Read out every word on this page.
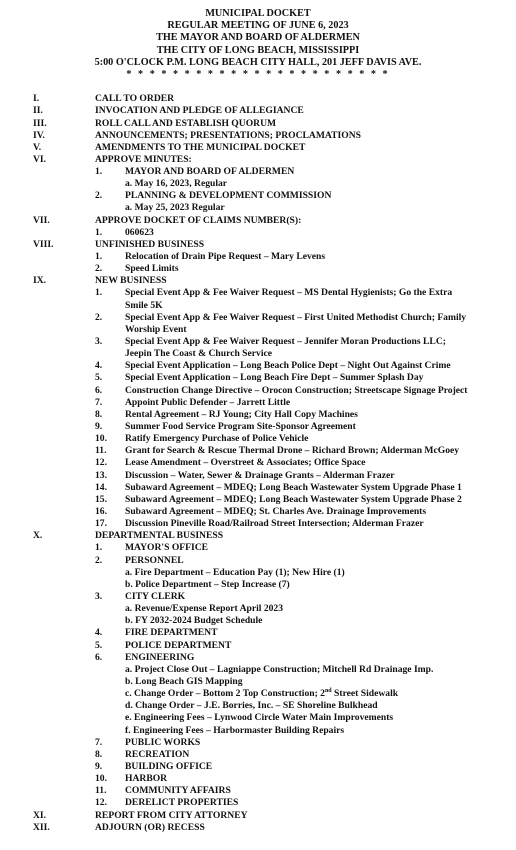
MUNICIPAL DOCKET
REGULAR MEETING OF JUNE 6, 2023
THE MAYOR AND BOARD OF ALDERMEN
THE CITY OF LONG BEACH, MISSISSIPPI
5:00 O'CLOCK P.M. LONG BEACH CITY HALL, 201 JEFF DAVIS AVE.
* * * * * * * * * * * * * * * * * * * * * * *
I.	CALL TO ORDER
II.	INVOCATION AND PLEDGE OF ALLEGIANCE
III.	ROLL CALL AND ESTABLISH QUORUM
IV.	ANNOUNCEMENTS; PRESENTATIONS; PROCLAMATIONS
V.	AMENDMENTS TO THE MUNICIPAL DOCKET
VI.	APPROVE MINUTES:
1. MAYOR AND BOARD OF ALDERMEN
a. May 16, 2023, Regular
2. PLANNING & DEVELOPMENT COMMISSION
a. May 25, 2023 Regular
VII.	APPROVE DOCKET OF CLAIMS NUMBER(S):
1. 060623
VIII.	UNFINISHED BUSINESS
1. Relocation of Drain Pipe Request – Mary Levens
2. Speed Limits
IX.	NEW BUSINESS
1. Special Event App & Fee Waiver Request – MS Dental Hygienists; Go the Extra
Smile 5K
2. Special Event App & Fee Waiver Request – First United Methodist Church; Family
Worship Event
3. Special Event App & Fee Waiver Request – Jennifer Moran Productions LLC;
Jeepin The Coast & Church Service
4. Special Event Application – Long Beach Police Dept – Night Out Against Crime
5. Special Event Application – Long Beach Fire Dept – Summer Splash Day
6. Construction Change Directive – Orocon Construction; Streetscape Signage Project
7. Appoint Public Defender – Jarrett Little
8. Rental Agreement – RJ Young; City Hall Copy Machines
9. Summer Food Service Program Site-Sponsor Agreement
10. Ratify Emergency Purchase of Police Vehicle
11. Grant for Search & Rescue Thermal Drone – Richard Brown; Alderman McGoey
12. Lease Amendment – Overstreet & Associates; Office Space
13. Discussion – Water, Sewer & Drainage Grants – Alderman Frazer
14. Subaward Agreement – MDEQ; Long Beach Wastewater System Upgrade Phase 1
15. Subaward Agreement – MDEQ; Long Beach Wastewater System Upgrade Phase 2
16. Subaward Agreement – MDEQ; St. Charles Ave. Drainage Improvements
17. Discussion Pineville Road/Railroad Street Intersection; Alderman Frazer
X.	DEPARTMENTAL BUSINESS
1. MAYOR'S OFFICE
2. PERSONNEL
a. Fire Department – Education Pay (1); New Hire (1)
b. Police Department – Step Increase (7)
3. CITY CLERK
a. Revenue/Expense Report April 2023
b. FY 2032-2024 Budget Schedule
4. FIRE DEPARTMENT
5. POLICE DEPARTMENT
6. ENGINEERING
a. Project Close Out – Lagniappe Construction; Mitchell Rd Drainage Imp.
b. Long Beach GIS Mapping
c. Change Order – Bottom 2 Top Construction; 2nd Street Sidewalk
d. Change Order – J.E. Borries, Inc. – SE Shoreline Bulkhead
e. Engineering Fees – Lynwood Circle Water Main Improvements
f. Engineering Fees – Harbormaster Building Repairs
7. PUBLIC WORKS
8. RECREATION
9. BUILDING OFFICE
10. HARBOR
11. COMMUNITY AFFAIRS
12. DERELICT PROPERTIES
XI.	REPORT FROM CITY ATTORNEY
XII.	ADJOURN (OR) RECESS
